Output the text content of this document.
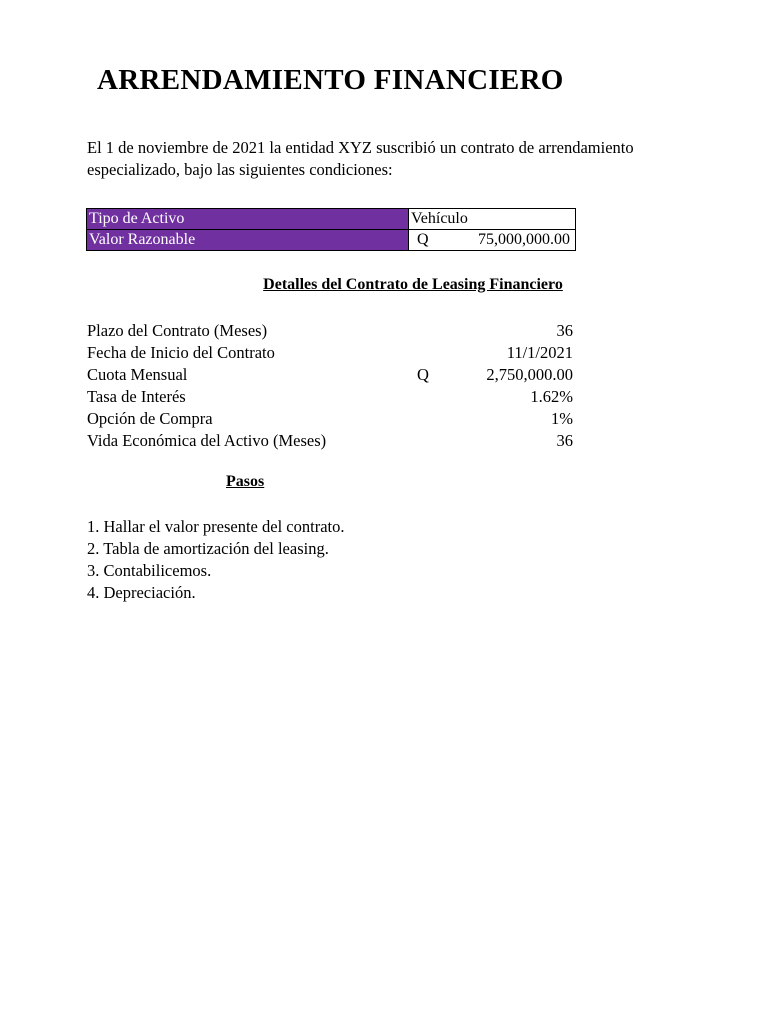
ARRENDAMIENTO FINANCIERO
El 1 de noviembre de 2021 la entidad XYZ suscribió un contrato de arrendamiento
especializado, bajo las siguientes condiciones:
Tipo de Activo	Vehículo
Valor Razonable	Q 75,000,000.00
Detalles del Contrato de Leasing Financiero
Plazo del Contrato (Meses)	36
Fecha de Inicio del Contrato	11/1/2021
Cuota Mensual	Q	2,750,000.00
Tasa de Interés	1.62%
Opción de Compra	1%
Vida Económica del Activo (Meses)	36
Pasos
1. Hallar el valor presente del contrato.
2. Tabla de amortización del leasing.
3. Contabilicemos.
4. Depreciación.
